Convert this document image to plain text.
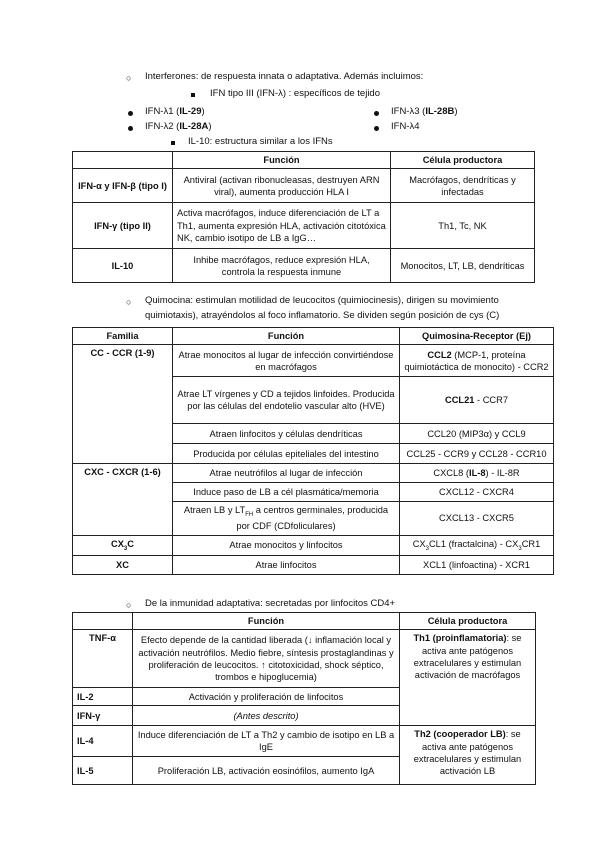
○ Interferones: de respuesta innata o adaptativa. Además incluimos:
IFN tipo III (IFN-λ) : específicos de tejido
IFN-λ1 (IL-29)	IFN-λ3 (IL-28B)
IFN-λ2 (IL-28A)	IFN-λ4
IL-10: estructura similar a los IFNs
	Función	Célula productora
IFN-α y IFN-β (tipo I)	Antiviral (activan ribonucleasas, destruyen ARN viral), aumenta producción HLA I	Macrófagos, dendríticas y infectadas
IFN-γ (tipo II)	Activa macrófagos, induce diferenciación de LT a Th1, aumenta expresión HLA, activación citotóxica NK, cambio isotipo de LB a IgG…	Th1, Tc, NK
IL-10	Inhibe macrófagos, reduce expresión HLA, controla la respuesta inmune	Monocitos, LT, LB, dendríticas
○ Quimocina: estimulan motilidad de leucocitos (quimiocinesis), dirigen su movimiento
quimiotaxis), atrayéndolos al foco inflamatorio. Se dividen según posición de cys (C)
Familia	Función	Quimosina-Receptor (Ej)
CC - CCR (1-9)	Atrae monocitos al lugar de infección convirtiéndose en macrófagos	CCL2 (MCP-1, proteína quimiotáctica de monocito) - CCR2
	Atrae LT vírgenes y CD a tejidos linfoides. Producida por las células del endotelio vascular alto (HVE)	CCL21 - CCR7
	Atraen linfocitos y células dendríticas	CCL20 (MIP3α) y CCL9
	Producida por células epiteliales del intestino	CCL25 - CCR9 y CCL28 - CCR10
CXC - CXCR (1-6)	Atrae neutrófilos al lugar de infección	CXCL8 (IL-8) - IL-8R
	Induce paso de LB a cél plasmática/memoria	CXCL12 - CXCR4
	Atraen LB y $LT_{FH}$ a centros germinales, producida por CDF (CDfoliculares)	CXCL13 - CXCR5
$CX_3C$	Atrae monocitos y linfocitos	$CX_3CL1$ (fractalcina) - $CX_3CR1$
XC	Atrae linfocitos	XCL1 (linfoactina) - XCR1
○ De la inmunidad adaptativa: secretadas por linfocitos CD4+
	Función	Célula productora
TNF-α	Efecto depende de la cantidad liberada (↓ inflamación local y activación neutrófilos. Medio fiebre, síntesis prostaglandinas y proliferación de leucocitos. ↑ citotoxicidad, shock séptico, trombos e hipoglucemia)	Th1 (proinflamatoria): se activa ante patógenos extracelulares y estimulan activación de macrófagos
IL-2	Activación y proliferación de linfocitos	
IFN-γ	(Antes descrito)	
IL-4	Induce diferenciación de LT a Th2 y cambio de isotipo en LB a IgE	Th2 (cooperador LB): se activa ante patógenos extracelulares y estimulan activación LB
IL-5	Proliferación LB, activación eosinófilos, aumento IgA	
